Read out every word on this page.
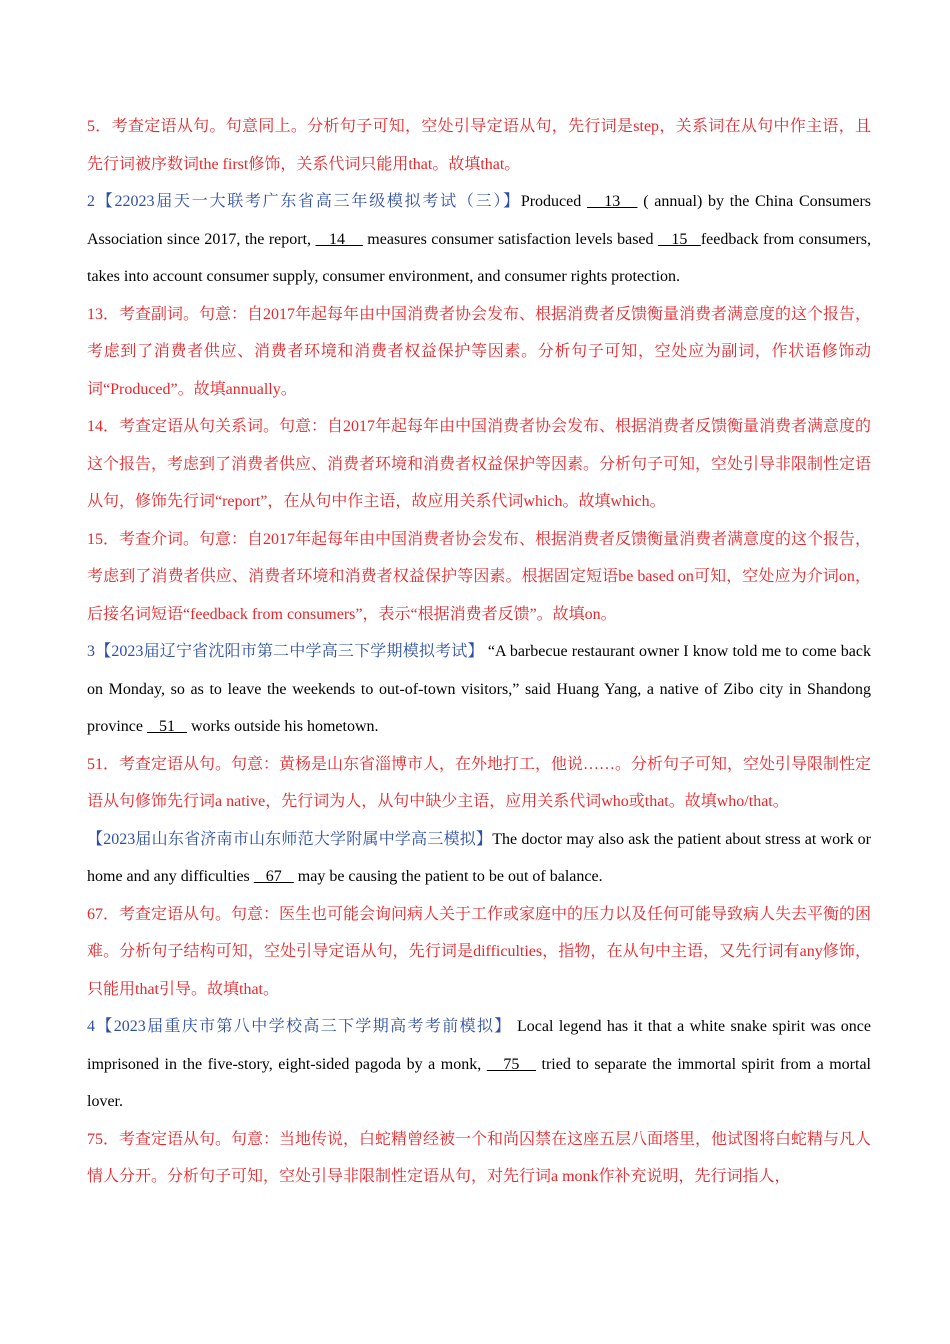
5．考查定语从句。句意同上。分析句子可知，空处引导定语从句，先行词是step，关系词在从句中作主语，且先行词被序数词the first修饰，关系代词只能用that。故填that。

2【22023届天一大联考广东省高三年级模拟考试（三）】Produced    13    ( annual) by the China Consumers Association since 2017, the report,    14     measures consumer satisfaction levels based    15   feedback from consumers, takes into account consumer supply, consumer environment, and consumer rights protection.

13．考查副词。句意：自2017年起每年由中国消费者协会发布、根据消费者反馈衡量消费者满意度的这个报告，考虑到了消费者供应、消费者环境和消费者权益保护等因素。分析句子可知，空处应为副词，作状语修饰动词“Produced”。故填annually。

14．考查定语从句关系词。句意：自2017年起每年由中国消费者协会发布、根据消费者反馈衡量消费者满意度的这个报告，考虑到了消费者供应、消费者环境和消费者权益保护等因素。分析句子可知，空处引导非限制性定语从句，修饰先行词“report”，在从句中作主语，故应用关系代词which。故填which。

15．考查介词。句意：自2017年起每年由中国消费者协会发布、根据消费者反馈衡量消费者满意度的这个报告，考虑到了消费者供应、消费者环境和消费者权益保护等因素。根据固定短语be based on可知，空处应为介词on，后接名词短语“feedback from consumers”，表示“根据消费者反馈”。故填on。

3【2023届辽宁省沈阳市第二中学高三下学期模拟考试】 “A barbecue restaurant owner I know told me to come back on Monday, so as to leave the weekends to out-of-town visitors,” said Huang Yang, a native of Zibo city in Shandong province    51    works outside his hometown.

51．考查定语从句。句意：黄杨是山东省淄博市人，在外地打工，他说……。分析句子可知，空处引导限制性定语从句修饰先行词a native，先行词为人，从句中缺少主语，应用关系代词who或that。故填who/that。

【2023届山东省济南市山东师范大学附属中学高三模拟】The doctor may also ask the patient about stress at work or home and any difficulties    67    may be causing the patient to be out of balance.

67．考查定语从句。句意：医生也可能会询问病人关于工作或家庭中的压力以及任何可能导致病人失去平衡的困难。分析句子结构可知，空处引导定语从句，先行词是difficulties，指物，在从句中主语，又先行词有any修饰，只能用that引导。故填that。

4【2023届重庆市第八中学校高三下学期高考考前模拟】 Local legend has it that a white snake spirit was once imprisoned in the five-story, eight-sided pagoda by a monk,    75    tried to separate the immortal spirit from a mortal lover.

75．考查定语从句。句意：当地传说，白蛇精曾经被一个和尚囚禁在这座五层八面塔里，他试图将白蛇精与凡人情人分开。分析句子可知，空处引导非限制性定语从句，对先行词a monk作补充说明，先行词指人，
